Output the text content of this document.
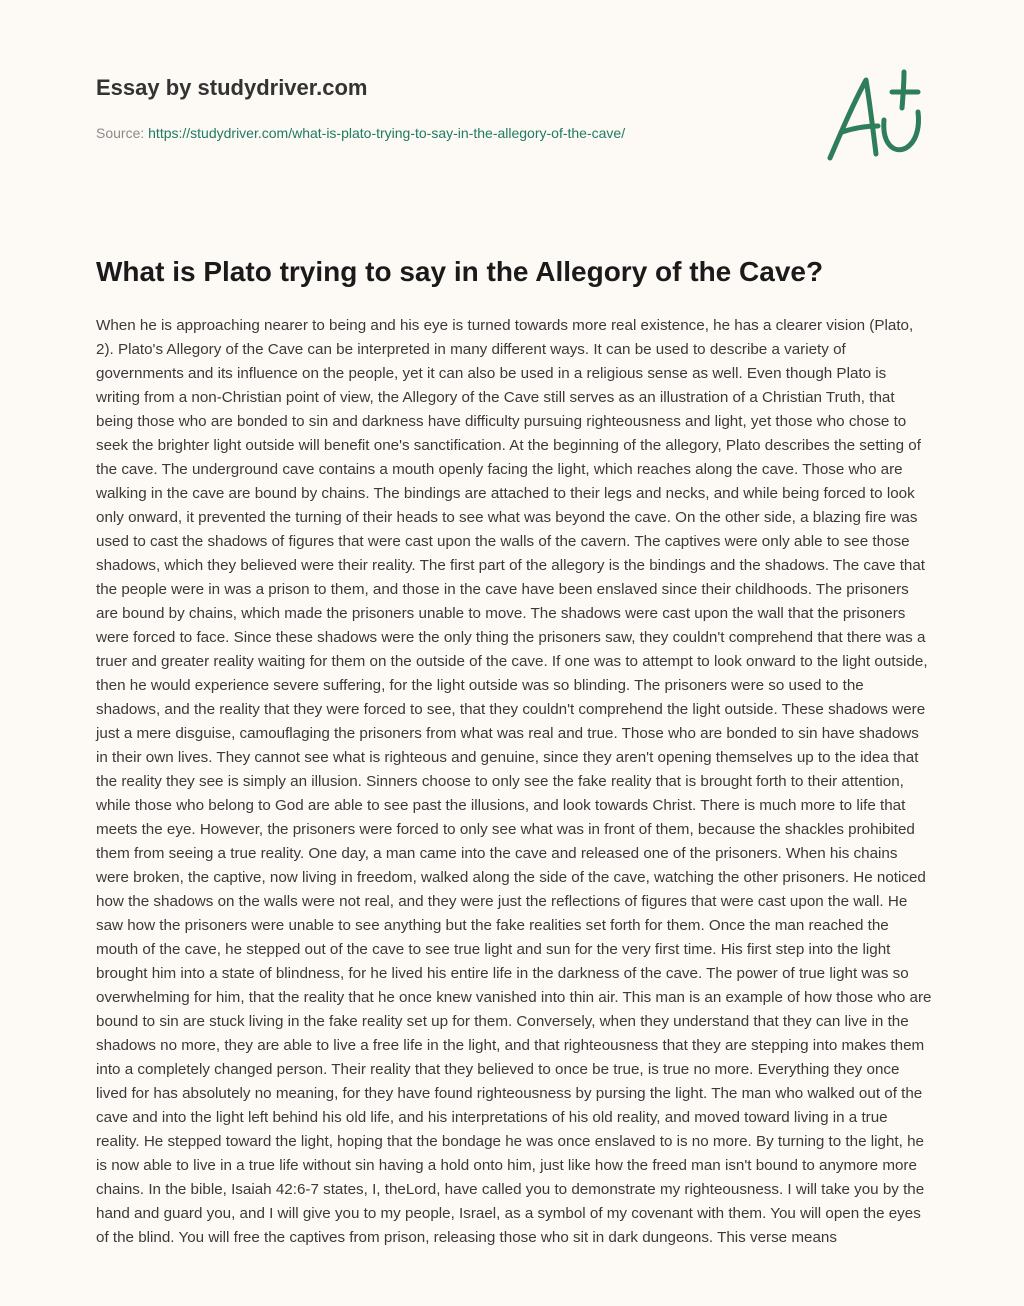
Essay by studydriver.com
Source: https://studydriver.com/what-is-plato-trying-to-say-in-the-allegory-of-the-cave/
What is Plato trying to say in the Allegory of the Cave?

When he is approaching nearer to being and his eye is turned towards more real existence, he has a clearer vision (Plato, 2). Plato's Allegory of the Cave can be interpreted in many different ways. It can be used to describe a variety of governments and its influence on the people, yet it can also be used in a religious sense as well. Even though Plato is writing from a non-Christian point of view, the Allegory of the Cave still serves as an illustration of a Christian Truth, that being those who are bonded to sin and darkness have difficulty pursuing righteousness and light, yet those who chose to seek the brighter light outside will benefit one's sanctification. At the beginning of the allegory, Plato describes the setting of the cave. The underground cave contains a mouth openly facing the light, which reaches along the cave. Those who are walking in the cave are bound by chains. The bindings are attached to their legs and necks, and while being forced to look only onward, it prevented the turning of their heads to see what was beyond the cave. On the other side, a blazing fire was used to cast the shadows of figures that were cast upon the walls of the cavern. The captives were only able to see those shadows, which they believed were their reality. The first part of the allegory is the bindings and the shadows. The cave that the people were in was a prison to them, and those in the cave have been enslaved since their childhoods. The prisoners are bound by chains, which made the prisoners unable to move. The shadows were cast upon the wall that the prisoners were forced to face. Since these shadows were the only thing the prisoners saw, they couldn't comprehend that there was a truer and greater reality waiting for them on the outside of the cave. If one was to attempt to look onward to the light outside, then he would experience severe suffering, for the light outside was so blinding. The prisoners were so used to the shadows, and the reality that they were forced to see, that they couldn't comprehend the light outside. These shadows were just a mere disguise, camouflaging the prisoners from what was real and true. Those who are bonded to sin have shadows in their own lives. They cannot see what is righteous and genuine, since they aren't opening themselves up to the idea that the reality they see is simply an illusion. Sinners choose to only see the fake reality that is brought forth to their attention, while those who belong to God are able to see past the illusions, and look towards Christ. There is much more to life that meets the eye. However, the prisoners were forced to only see what was in front of them, because the shackles prohibited them from seeing a true reality. One day, a man came into the cave and released one of the prisoners. When his chains were broken, the captive, now living in freedom, walked along the side of the cave, watching the other prisoners. He noticed how the shadows on the walls were not real, and they were just the reflections of figures that were cast upon the wall. He saw how the prisoners were unable to see anything but the fake realities set forth for them. Once the man reached the mouth of the cave, he stepped out of the cave to see true light and sun for the very first time. His first step into the light brought him into a state of blindness, for he lived his entire life in the darkness of the cave. The power of true light was so overwhelming for him, that the reality that he once knew vanished into thin air. This man is an example of how those who are bound to sin are stuck living in the fake reality set up for them. Conversely, when they understand that they can live in the shadows no more, they are able to live a free life in the light, and that righteousness that they are stepping into makes them into a completely changed person. Their reality that they believed to once be true, is true no more. Everything they once lived for has absolutely no meaning, for they have found righteousness by pursing the light. The man who walked out of the cave and into the light left behind his old life, and his interpretations of his old reality, and moved toward living in a true reality. He stepped toward the light, hoping that the bondage he was once enslaved to is no more. By turning to the light, he is now able to live in a true life without sin having a hold onto him, just like how the freed man isn't bound to anymore more chains. In the bible, Isaiah 42:6-7 states, I, theLord, have called you to demonstrate my righteousness. I will take you by the hand and guard you, and I will give you to my people, Israel, as a symbol of my covenant with them. You will open the eyes of the blind. You will free the captives from prison, releasing those who sit in dark dungeons. This verse means
